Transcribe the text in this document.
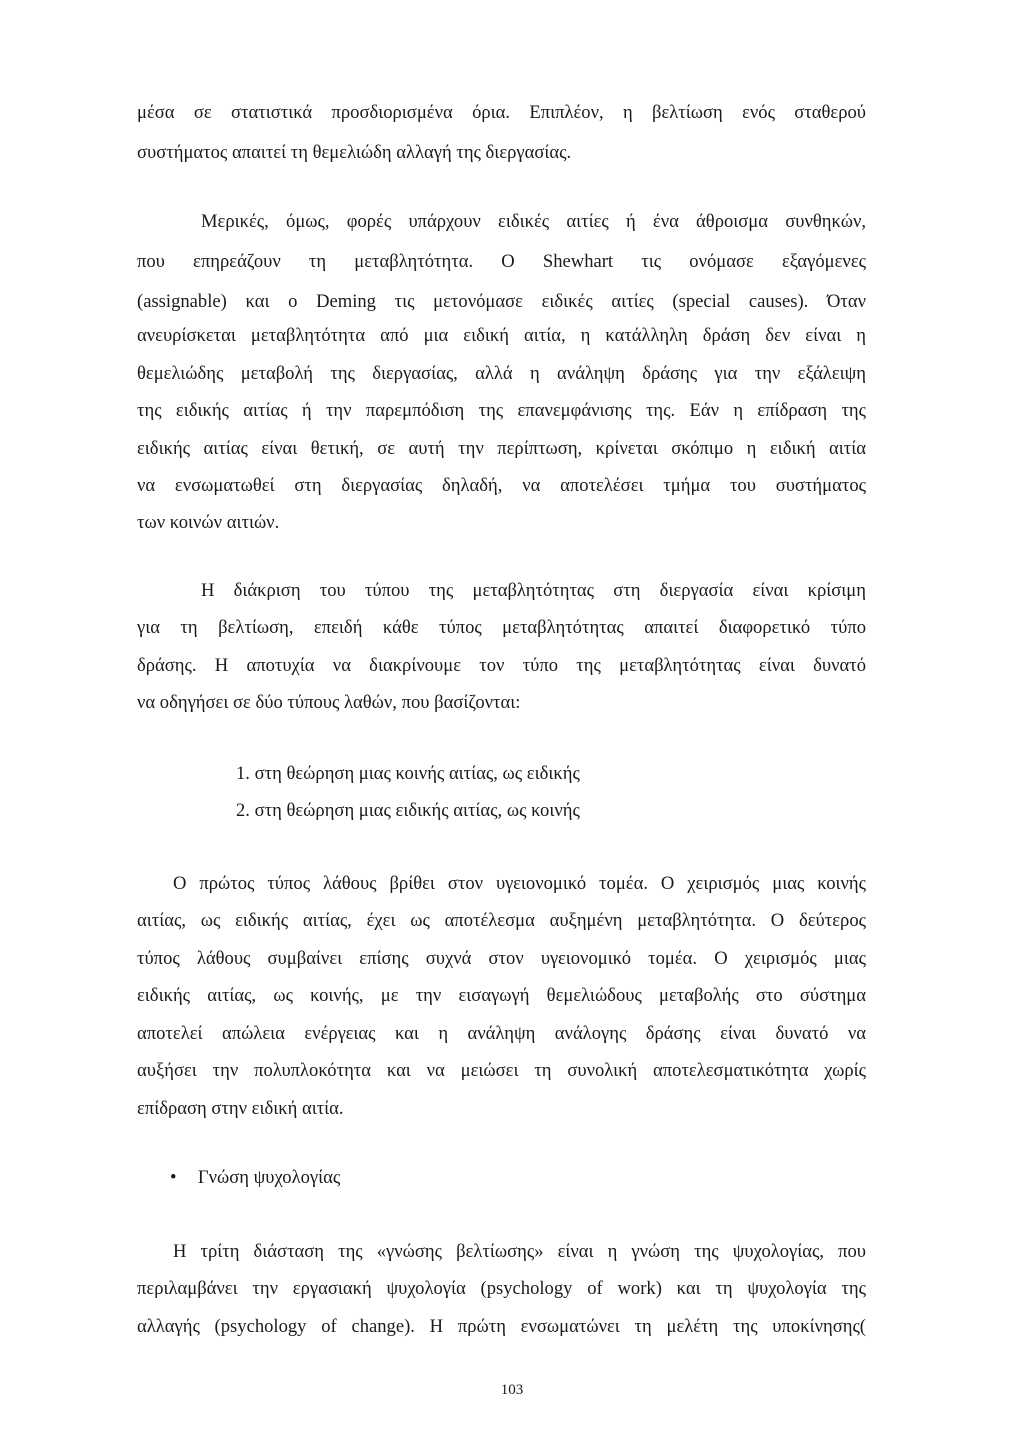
μέσα σε στατιστικά προσδιορισμένα όρια. Επιπλέον, η βελτίωση ενός σταθερού
συστήματος απαιτεί τη θεμελιώδη αλλαγή της διεργασίας.
Μερικές, όμως, φορές υπάρχουν ειδικές αιτίες ή ένα άθροισμα συνθηκών,
που επηρεάζουν τη μεταβλητότητα. Ο Shewhart τις ονόμασε εξαγόμενες
(assignable) και ο Deming τις μετονόμασε ειδικές αιτίες (special causes). Όταν
ανευρίσκεται μεταβλητότητα από μια ειδική αιτία, η κατάλληλη δράση δεν είναι η
θεμελιώδης μεταβολή της διεργασίας, αλλά η ανάληψη δράσης για την εξάλειψη
της ειδικής αιτίας ή την παρεμπόδιση της επανεμφάνισης της. Εάν η επίδραση της
ειδικής αιτίας είναι θετική, σε αυτή την περίπτωση, κρίνεται σκόπιμο η ειδική αιτία
να ενσωματωθεί στη διεργασίας δηλαδή, να αποτελέσει τμήμα του συστήματος
των κοινών αιτιών.
Η διάκριση του τύπου της μεταβλητότητας στη διεργασία είναι κρίσιμη
για τη βελτίωση, επειδή κάθε τύπος μεταβλητότητας απαιτεί διαφορετικό τύπο
δράσης. Η αποτυχία να διακρίνουμε τον τύπο της μεταβλητότητας είναι δυνατό
να οδηγήσει σε δύο τύπους λαθών, που βασίζονται:
1. στη θεώρηση μιας κοινής αιτίας, ως ειδικής
2. στη θεώρηση μιας ειδικής αιτίας, ως κοινής
Ο πρώτος τύπος λάθους βρίθει στον υγειονομικό τομέα. Ο χειρισμός μιας κοινής
αιτίας, ως ειδικής αιτίας, έχει ως αποτέλεσμα αυξημένη μεταβλητότητα. Ο δεύτερος
τύπος λάθους συμβαίνει επίσης συχνά στον υγειονομικό τομέα. Ο χειρισμός μιας
ειδικής αιτίας, ως κοινής, με την εισαγωγή θεμελιώδους μεταβολής στο σύστημα
αποτελεί απώλεια ενέργειας και η ανάληψη ανάλογης δράσης είναι δυνατό να
αυξήσει την πολυπλοκότητα και να μειώσει τη συνολική αποτελεσματικότητα χωρίς
επίδραση στην ειδική αιτία.
• Γνώση ψυχολογίας
Η τρίτη διάσταση της «γνώσης βελτίωσης» είναι η γνώση της ψυχολογίας, που
περιλαμβάνει την εργασιακή ψυχολογία (psychology of work) και τη ψυχολογία της
αλλαγής (psychology of change). Η πρώτη ενσωματώνει τη μελέτη της υποκίνησης(
103
